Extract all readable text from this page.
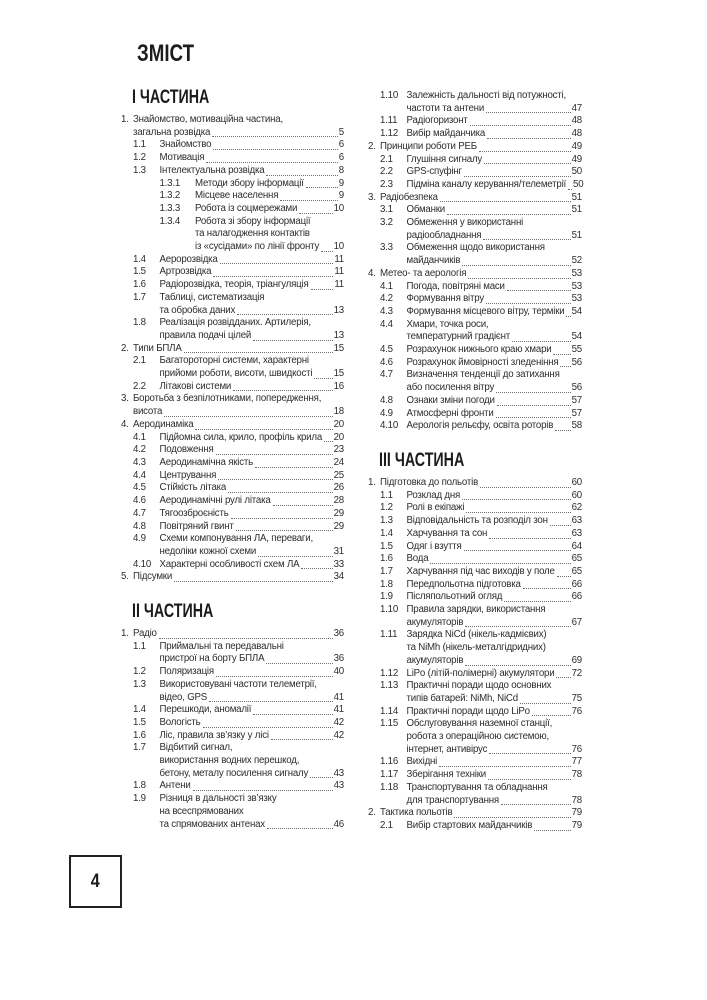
ЗМІСТ
І ЧАСТИНА
1. Знайомство, мотиваційна частина,
загальна розвідка	5
1.1	Знайомство	6
1.2	Мотивація	6
1.3	Інтелектуальна розвідка	8
1.3.1	Методи збору інформації	9
1.3.2	Місцеве населення	9
1.3.3	Робота із соцмережами	10
1.3.4	Робота зі збору інформації
та налагодження контактів
із «сусідами» по лінії фронту 10
1.4	Аеророзвідка	11
1.5	Артрозвідка	11
1.6	Радіорозвідка, теорія, тріангуляція	11
1.7	Таблиці, систематизація
та обробка даних	13
1.8	Реалізація розвідданих. Артилерія,
правила подачі цілей	13
2. Типи БПЛА	15
2.1	Багатороторні системи, характерні
прийоми роботи, висоти, швидкості 15
2.2	Літакові системи	16
3. Боротьба з безпілотниками, попередження,
висота	18
4. Аеродинаміка	20
4.1	Підйомна сила, крило, профіль крила 20
4.2	Подовження	23
4.3	Аеродинамічна якість	24
4.4	Центрування	25
4.5	Стійкість літака	26
4.6	Аеродинамічні рулі літака	28
4.7	Тягоозброєність	29
4.8	Повітряний гвинт	29
4.9	Схеми компонування ЛА, переваги,
недоліки кожної схеми	31
4.10 Характерні особливості схем ЛА	33
5. Підсумки	34
ІІ ЧАСТИНА
1. Радіо	36
1.1	Приймальні та передавальні
пристрої на борту БПЛА	36
1.2	Поляризація	40
1.3	Використовувані частоти телеметрії,
відео, GPS	41
1.4	Перешкоди, аномалії	41
1.5	Вологість	42
1.6	Ліс, правила зв’язку у лісі	42
1.7	Відбитий сигнал,
використання водних перешкод,
бетону, металу посилення сигналу	43
1.8	Антени	43
1.9	Різниця в дальності зв’язку
на всеспрямованих
та спрямованих антенах	46
1.10 Залежність дальності від потужності,
частоти та антени	47
1.11 Радіогоризонт	48
1.12 Вибір майданчика	48
2. Принципи роботи РЕБ	49
2.1	Глушіння сигналу	49
2.2	GPS-спуфінг	50
2.3	Підміна каналу керування/телеметрії 50
3. Радіобезпека	51
3.1	Обманки	51
3.2	Обмеження у використанні
радіообладнання	51
3.3	Обмеження щодо використання
майданчиків	52
4. Метео- та аерологія	53
4.1	Погода, повітряні маси	53
4.2	Формування вітру	53
4.3	Формування місцевого вітру, терміки 54
4.4	Хмари, точка роси,
температурний градієнт	54
4.5	Розрахунок нижнього краю хмари 55
4.6	Розрахунок ймовірності зледеніння 56
4.7	Визначення тенденції до затихання
або посилення вітру	56
4.8	Ознаки зміни погоди	57
4.9	Атмосферні фронти	57
4.10 Аерологія рельєфу, освіта роторів 58
ІІІ ЧАСТИНА
1. Підготовка до польотів	60
1.1	Розклад дня	60
1.2	Ролі в екіпажі	62
1.3	Відповідальність та розподіл зон 63
1.4	Харчування та сон	63
1.5	Одяг і взуття	64
1.6	Вода	65
1.7	Харчування під час виходів у поле 65
1.8	Передпольотна підготовка	66
1.9	Післяпольотний огляд	66
1.10 Правила зарядки, використання
акумуляторів	67
1.11 Зарядка NiCd (нікель-кадмієвих)
та NiMh (нікель-металгідридних)
акумуляторів	69
1.12 LiPo (літій-полімерні) акумулятори 72
1.13 Практичні поради щодо основних
типів батарей: NiMh, NiCd	75
1.14 Практичні поради щодо LiPo	76
1.15 Обслуговування наземної станції,
робота з операційною системою,
інтернет, антивірус	76
1.16 Вихідні	77
1.17 Зберігання техніки	78
1.18 Транспортування та обладнання
для транспортування	78
2. Тактика польотів	79
2.1	Вибір стартових майданчиків	79
4
